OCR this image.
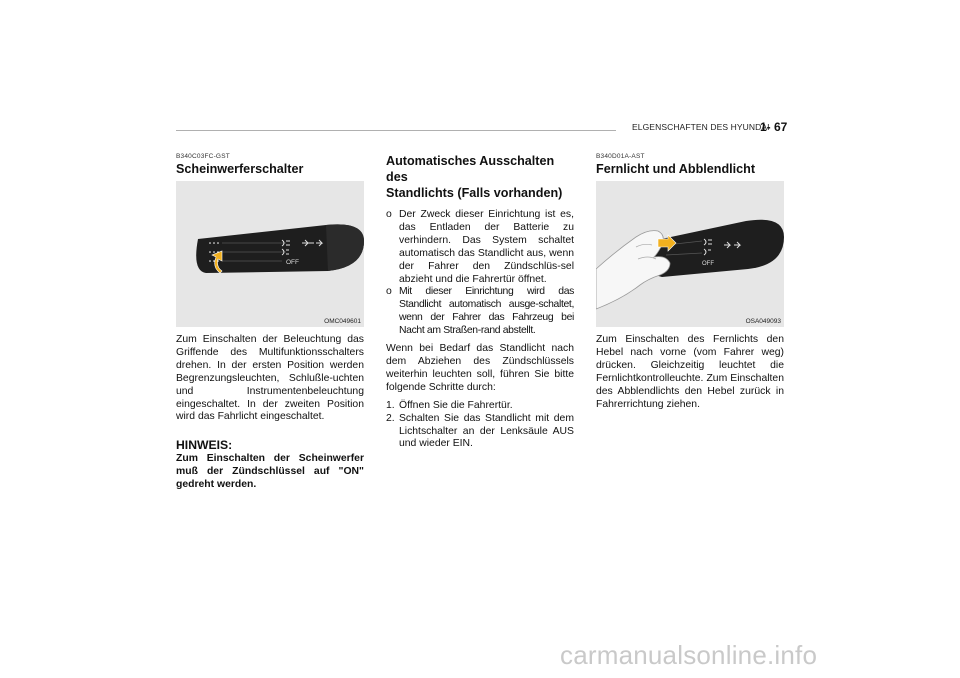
ELGENSCHAFTEN DES HYUNDAI
1- 67
B340C03FC-GST
Scheinwerferschalter
OFF
OMC049601
Zum Einschalten der Beleuchtung das Griffende des Multifunktionsschalters drehen. In der ersten Position werden Begrenzungsleuchten, Schlußle-uchten und Instrumentenbeleuchtung eingeschaltet. In der zweiten Position wird das Fahrlicht eingeschaltet.
HINWEIS:
Zum Einschalten der Scheinwerfer muß der Zündschlüssel auf "ON" gedreht werden.
Automatisches Ausschalten des
Standlichts (Falls vorhanden)
o Der Zweck dieser Einrichtung ist es, das Entladen der Batterie zu verhindern. Das System schaltet automatisch das Standlicht aus, wenn der Fahrer den Zündschlüs-sel abzieht und die Fahrertür öffnet.
o Mit dieser Einrichtung wird das Standlicht automatisch ausge-schaltet, wenn der Fahrer das Fahrzeug bei Nacht am Straßen-rand abstellt.
Wenn bei Bedarf das Standlicht nach dem Abziehen des Zündschlüssels weiterhin leuchten soll, führen Sie bitte folgende Schritte durch:
1. Öffnen Sie die Fahrertür.
2. Schalten Sie das Standlicht mit dem Lichtschalter an der Lenksäule AUS und wieder EIN.
B340D01A-AST
Fernlicht und Abblendlicht
OFF
OSA049093
Zum Einschalten des Fernlichts den Hebel nach vorne (vom Fahrer weg) drücken. Gleichzeitig leuchtet die Fernlichtkontrolleuchte. Zum Einschalten des Abblendlichts den Hebel zurück in Fahrerrichtung ziehen.
carmanualsonline.info
